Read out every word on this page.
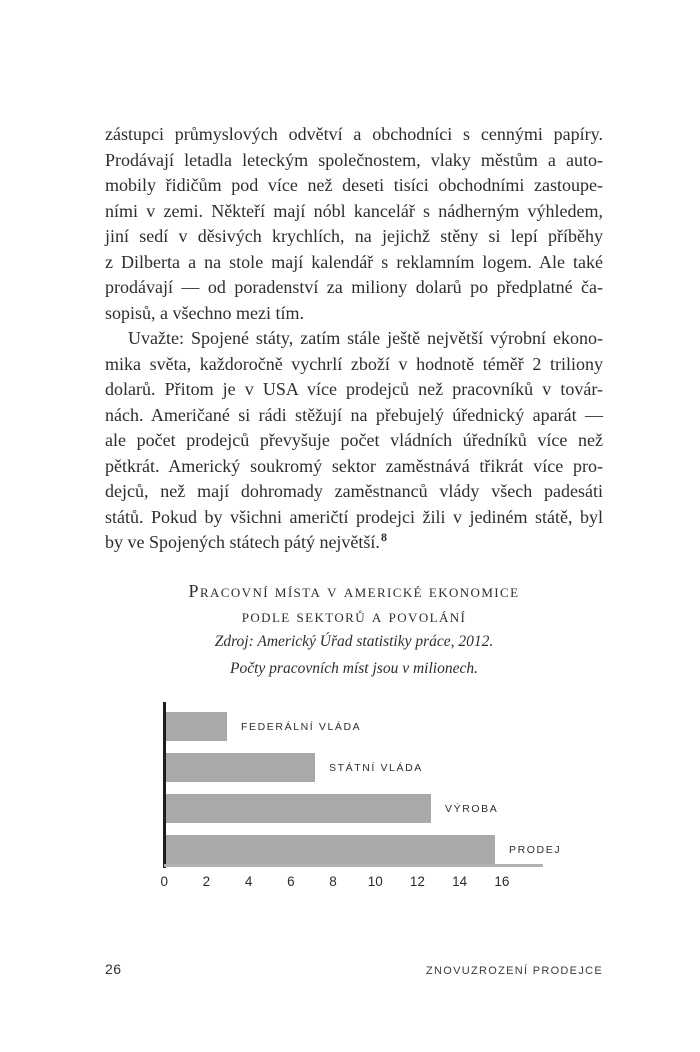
zástupci průmyslových odvětví a obchodníci s cennými papíry.
Prodávají letadla leteckým společnostem, vlaky městům a auto-
mobily řidičům pod více než deseti tisíci obchodními zastoupe-
ními v zemi. Někteří mají nóbl kancelář s nádherným výhledem,
jiní sedí v děsivých krychlích, na jejichž stěny si lepí příběhy
z Dilberta a na stole mají kalendář s reklamním logem. Ale také
prodávají — od poradenství za miliony dolarů po předplatné ča-
sopisů, a všechno mezi tím.
Uvažte: Spojené státy, zatím stále ještě největší výrobní ekono-
mika světa, každoročně vychrlí zboží v hodnotě téměř 2 triliony
dolarů. Přitom je v USA více prodejců než pracovníků v továr-
nách. Američané si rádi stěžují na přebujelý úřednický aparát —
ale počet prodejců převyšuje počet vládních úředníků více než
pětkrát. Americký soukromý sektor zaměstnává třikrát více pro-
dejců, než mají dohromady zaměstnanců vlády všech padesáti
států. Pokud by všichni američtí prodejci žili v jediném státě, byl
by ve Spojených státech pátý největší.$^8$
Pracovní místa v americké ekonomice
podle sektorů a povolání

Zdroj: Americký Úřad statistiky práce, 2012.

Počty pracovních míst jsou v milionech.

FEDERÁLNÍ VLÁDA
STÁTNÍ VLÁDA
VÝROBA
PRODEJ
0	2	4	6	8	10	12	14	16
26	ZNOVUZROZENÍ PRODEJCE
